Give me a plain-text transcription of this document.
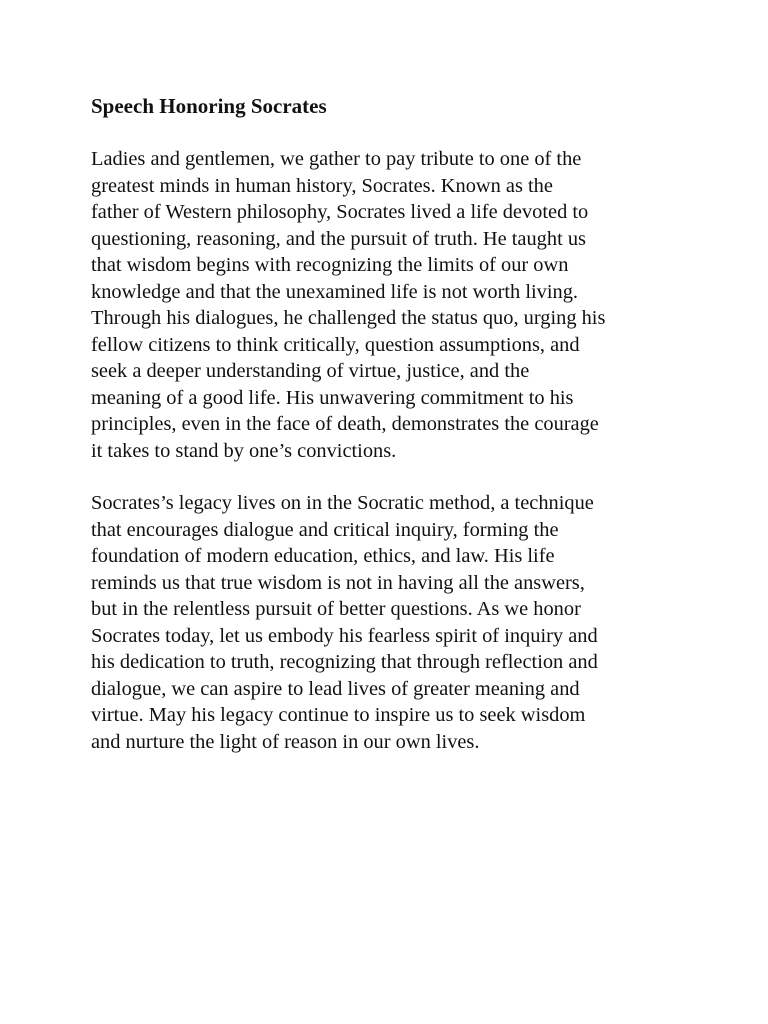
Speech Honoring Socrates

Ladies and gentlemen, we gather to pay tribute to one of the
greatest minds in human history, Socrates. Known as the
father of Western philosophy, Socrates lived a life devoted to
questioning, reasoning, and the pursuit of truth. He taught us
that wisdom begins with recognizing the limits of our own
knowledge and that the unexamined life is not worth living.
Through his dialogues, he challenged the status quo, urging his
fellow citizens to think critically, question assumptions, and
seek a deeper understanding of virtue, justice, and the
meaning of a good life. His unwavering commitment to his
principles, even in the face of death, demonstrates the courage
it takes to stand by one’s convictions.

Socrates’s legacy lives on in the Socratic method, a technique
that encourages dialogue and critical inquiry, forming the
foundation of modern education, ethics, and law. His life
reminds us that true wisdom is not in having all the answers,
but in the relentless pursuit of better questions. As we honor
Socrates today, let us embody his fearless spirit of inquiry and
his dedication to truth, recognizing that through reflection and
dialogue, we can aspire to lead lives of greater meaning and
virtue. May his legacy continue to inspire us to seek wisdom
and nurture the light of reason in our own lives.
